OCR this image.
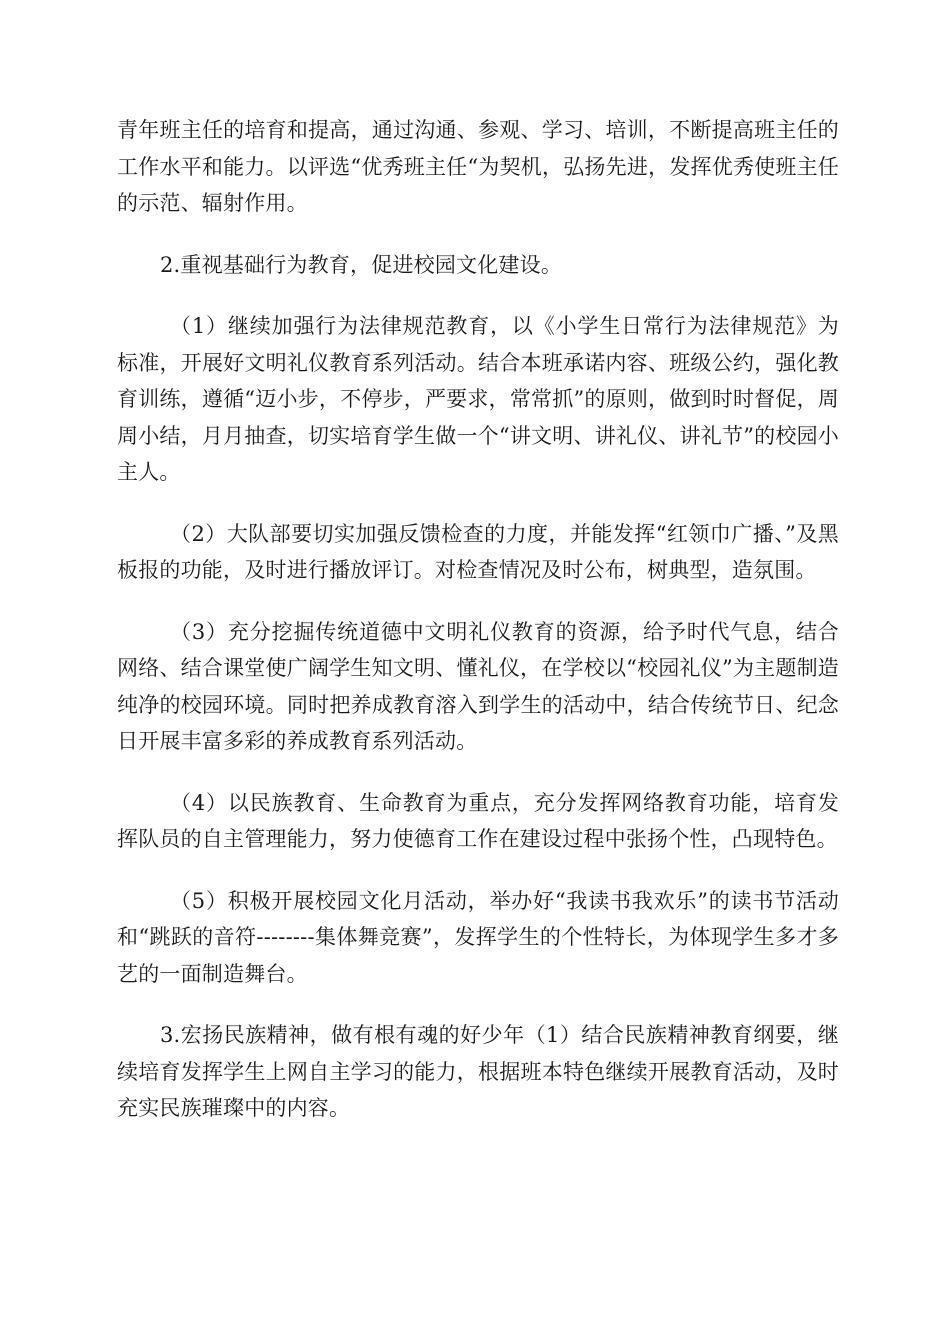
青年班主任的培育和提高，通过沟通、参观、学习、培训，不断提高班主任的工作水平和能力。以评选“优秀班主任“为契机，弘扬先进，发挥优秀使班主任的示范、辐射作用。

2.重视基础行为教育，促进校园文化建设。

（1）继续加强行为法律规范教育，以《小学生日常行为法律规范》为标准，开展好文明礼仪教育系列活动。结合本班承诺内容、班级公约，强化教育训练，遵循“迈小步，不停步，严要求，常常抓”的原则，做到时时督促，周周小结，月月抽查，切实培育学生做一个“讲文明、讲礼仪、讲礼节”的校园小主人。

（2）大队部要切实加强反馈检查的力度，并能发挥“红领巾广播、”及黑板报的功能，及时进行播放评订。对检查情况及时公布，树典型，造氛围。

（3）充分挖掘传统道德中文明礼仪教育的资源，给予时代气息，结合网络、结合课堂使广阔学生知文明、懂礼仪，在学校以“校园礼仪”为主题制造纯净的校园环境。同时把养成教育溶入到学生的活动中，结合传统节日、纪念日开展丰富多彩的养成教育系列活动。

（4）以民族教育、生命教育为重点，充分发挥网络教育功能，培育发挥队员的自主管理能力，努力使德育工作在建设过程中张扬个性，凸现特色。

（5）积极开展校园文化月活动，举办好“我读书我欢乐”的读书节活动和“跳跃的音符--------集体舞竞赛”，发挥学生的个性特长，为体现学生多才多艺的一面制造舞台。

3.宏扬民族精神，做有根有魂的好少年（1）结合民族精神教育纲要，继续培育发挥学生上网自主学习的能力，根据班本特色继续开展教育活动，及时充实民族璀璨中的内容。
